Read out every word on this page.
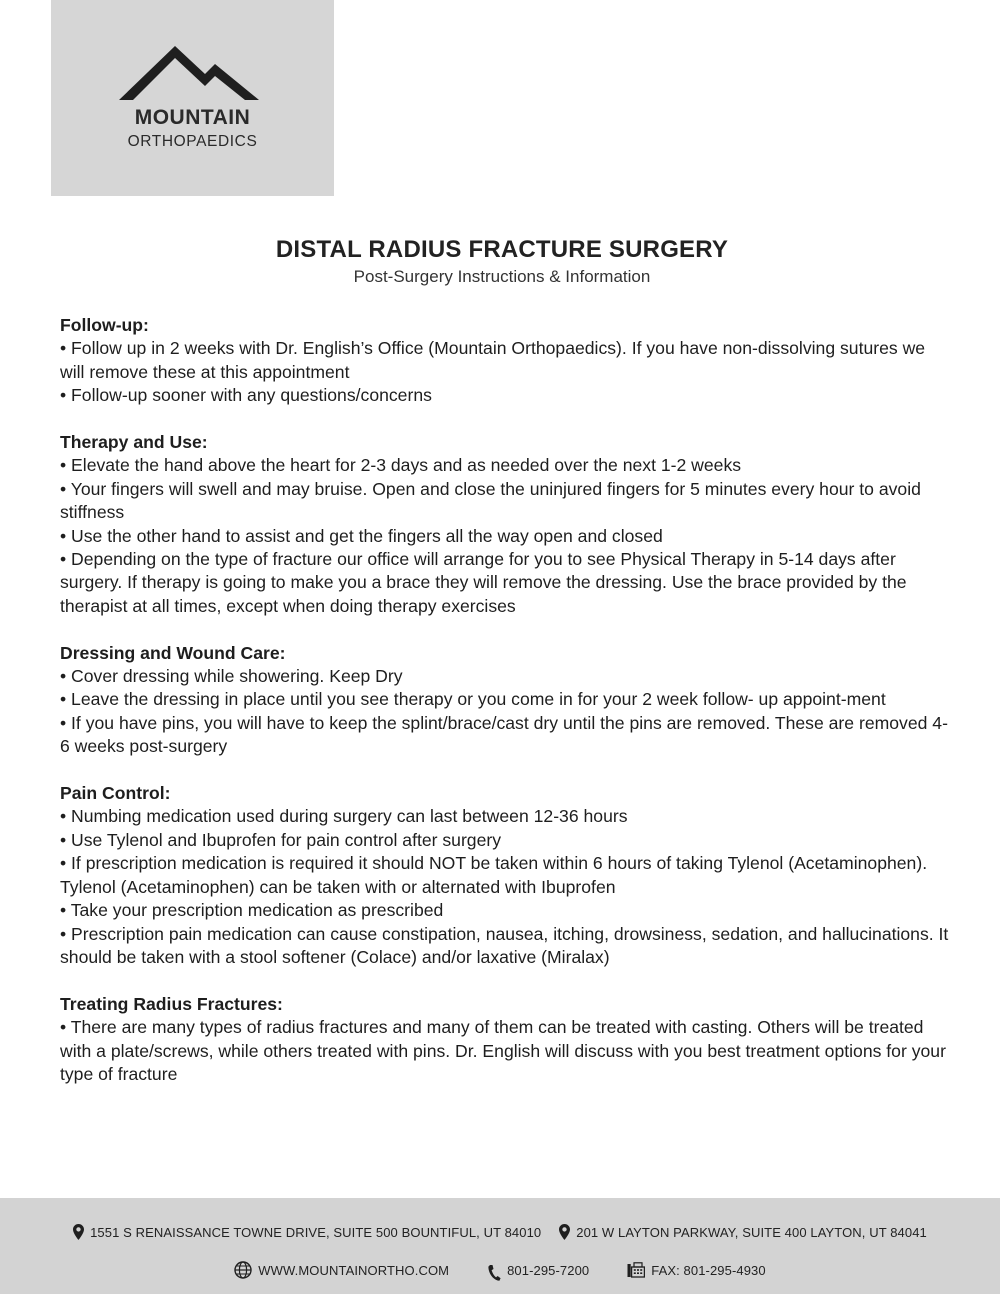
MOUNTAIN
ORTHOPAEDICS
DISTAL RADIUS FRACTURE SURGERY
Post-Surgery Instructions & Information
Follow-up:
• Follow up in 2 weeks with Dr. English’s Office (Mountain Orthopaedics). If you have non-dissolving sutures we will remove these at this appointment
• Follow-up sooner with any questions/concerns
Therapy and Use:
• Elevate the hand above the heart for 2-3 days and as needed over the next 1-2 weeks
• Your fingers will swell and may bruise. Open and close the uninjured fingers for 5 minutes every hour to avoid stiffness
• Use the other hand to assist and get the fingers all the way open and closed
• Depending on the type of fracture our office will arrange for you to see Physical Therapy in 5-14 days after surgery. If therapy is going to make you a brace they will remove the dressing. Use the brace provided by the therapist at all times, except when doing therapy exercises
Dressing and Wound Care:
• Cover dressing while showering. Keep Dry
• Leave the dressing in place until you see therapy or you come in for your 2 week follow- up appoint-ment
• If you have pins, you will have to keep the splint/brace/cast dry until the pins are removed. These are removed 4-6 weeks post-surgery
Pain Control:
• Numbing medication used during surgery can last between 12-36 hours
• Use Tylenol and Ibuprofen for pain control after surgery
• If prescription medication is required it should NOT be taken within 6 hours of taking Tylenol (Acetaminophen). Tylenol (Acetaminophen) can be taken with or alternated with Ibuprofen
• Take your prescription medication as prescribed
• Prescription pain medication can cause constipation, nausea, itching, drowsiness, sedation, and hallucinations. It should be taken with a stool softener (Colace) and/or laxative (Miralax)
Treating Radius Fractures:
• There are many types of radius fractures and many of them can be treated with casting. Others will be treated with a plate/screws, while others treated with pins. Dr. English will discuss with you best treatment options for your type of fracture
1551 S RENAISSANCE TOWNE DRIVE, SUITE 500 BOUNTIFUL, UT 84010	201 W LAYTON PARKWAY, SUITE 400 LAYTON, UT 84041
WWW.MOUNTAINORTHO.COM	801-295-7200	FAX: 801-295-4930
